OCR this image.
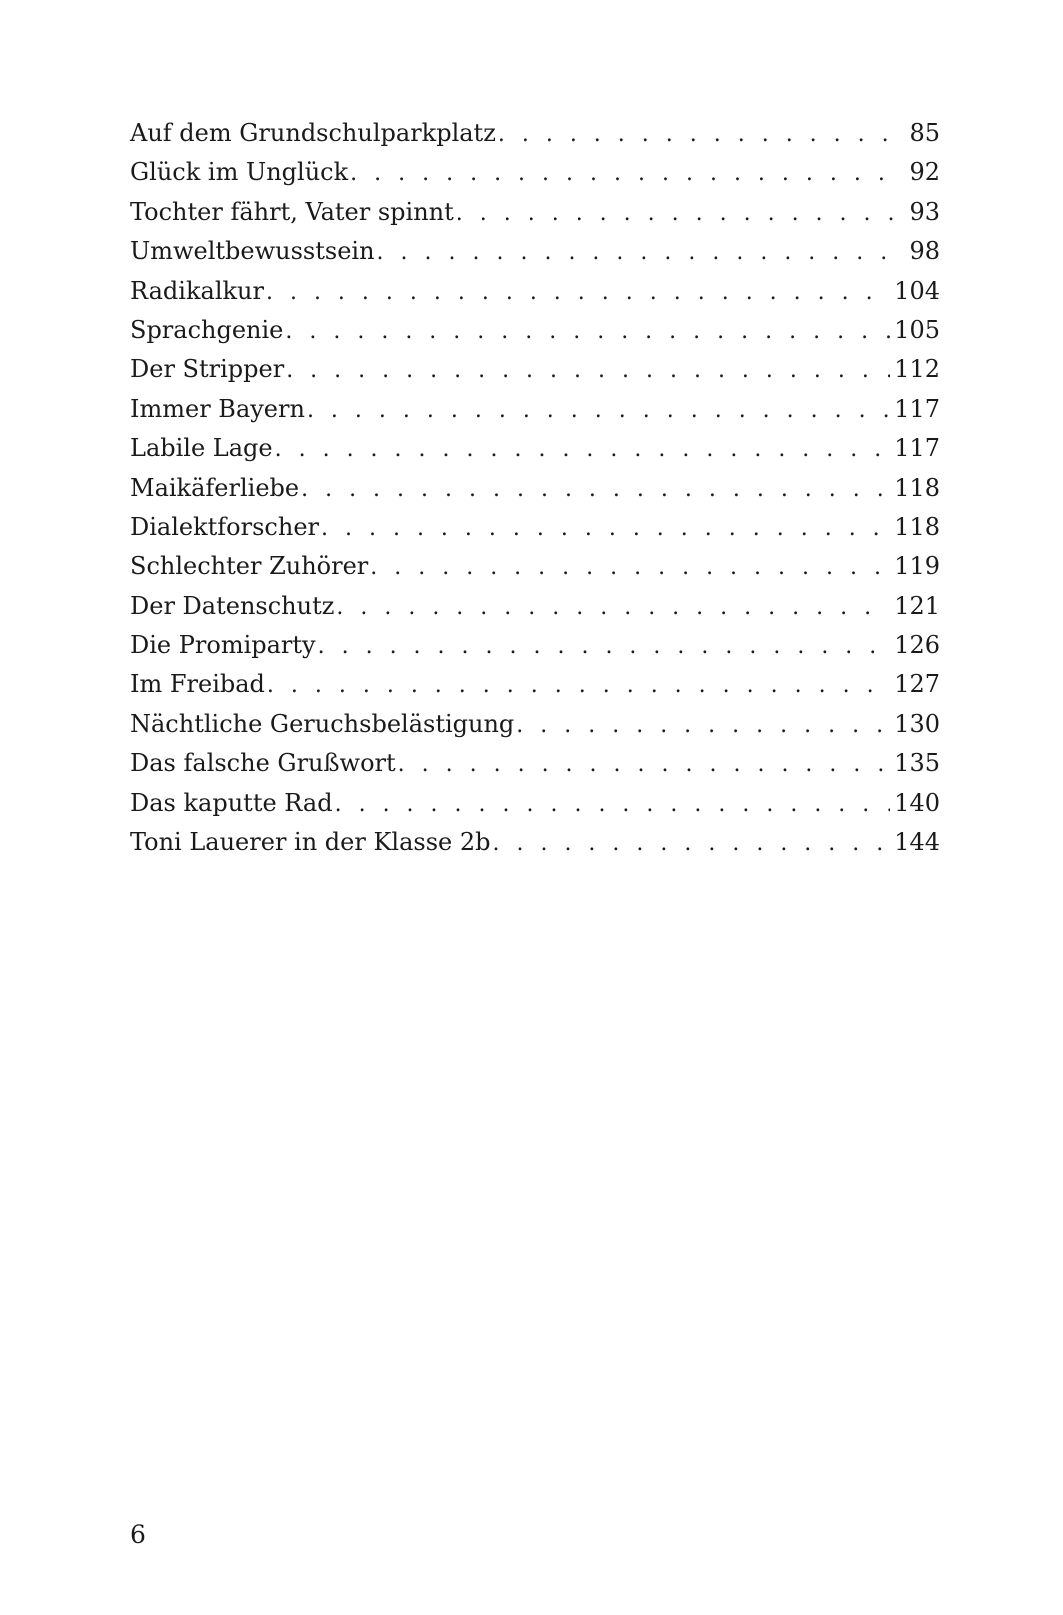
Auf dem Grundschulparkplatz . . .	85
Glück im Unglück . . .	92
Tochter fährt, Vater spinnt . . .	93
Umweltbewusstsein . . .	98
Radikalkur . . .	104
Sprachgenie . . .	105
Der Stripper . . .	112
Immer Bayern . . .	117
Labile Lage . . .	117
Maikäferliebe . . .	118
Dialektforscher . . .	118
Schlechter Zuhörer . . .	119
Der Datenschutz . . .	121
Die Promiparty . . .	126
Im Freibad . . .	127
Nächtliche Geruchsbelästigung . . .	130
Das falsche Grußwort . . .	135
Das kaputte Rad . . .	140
Toni Lauerer in der Klasse 2b . . .	144
6
